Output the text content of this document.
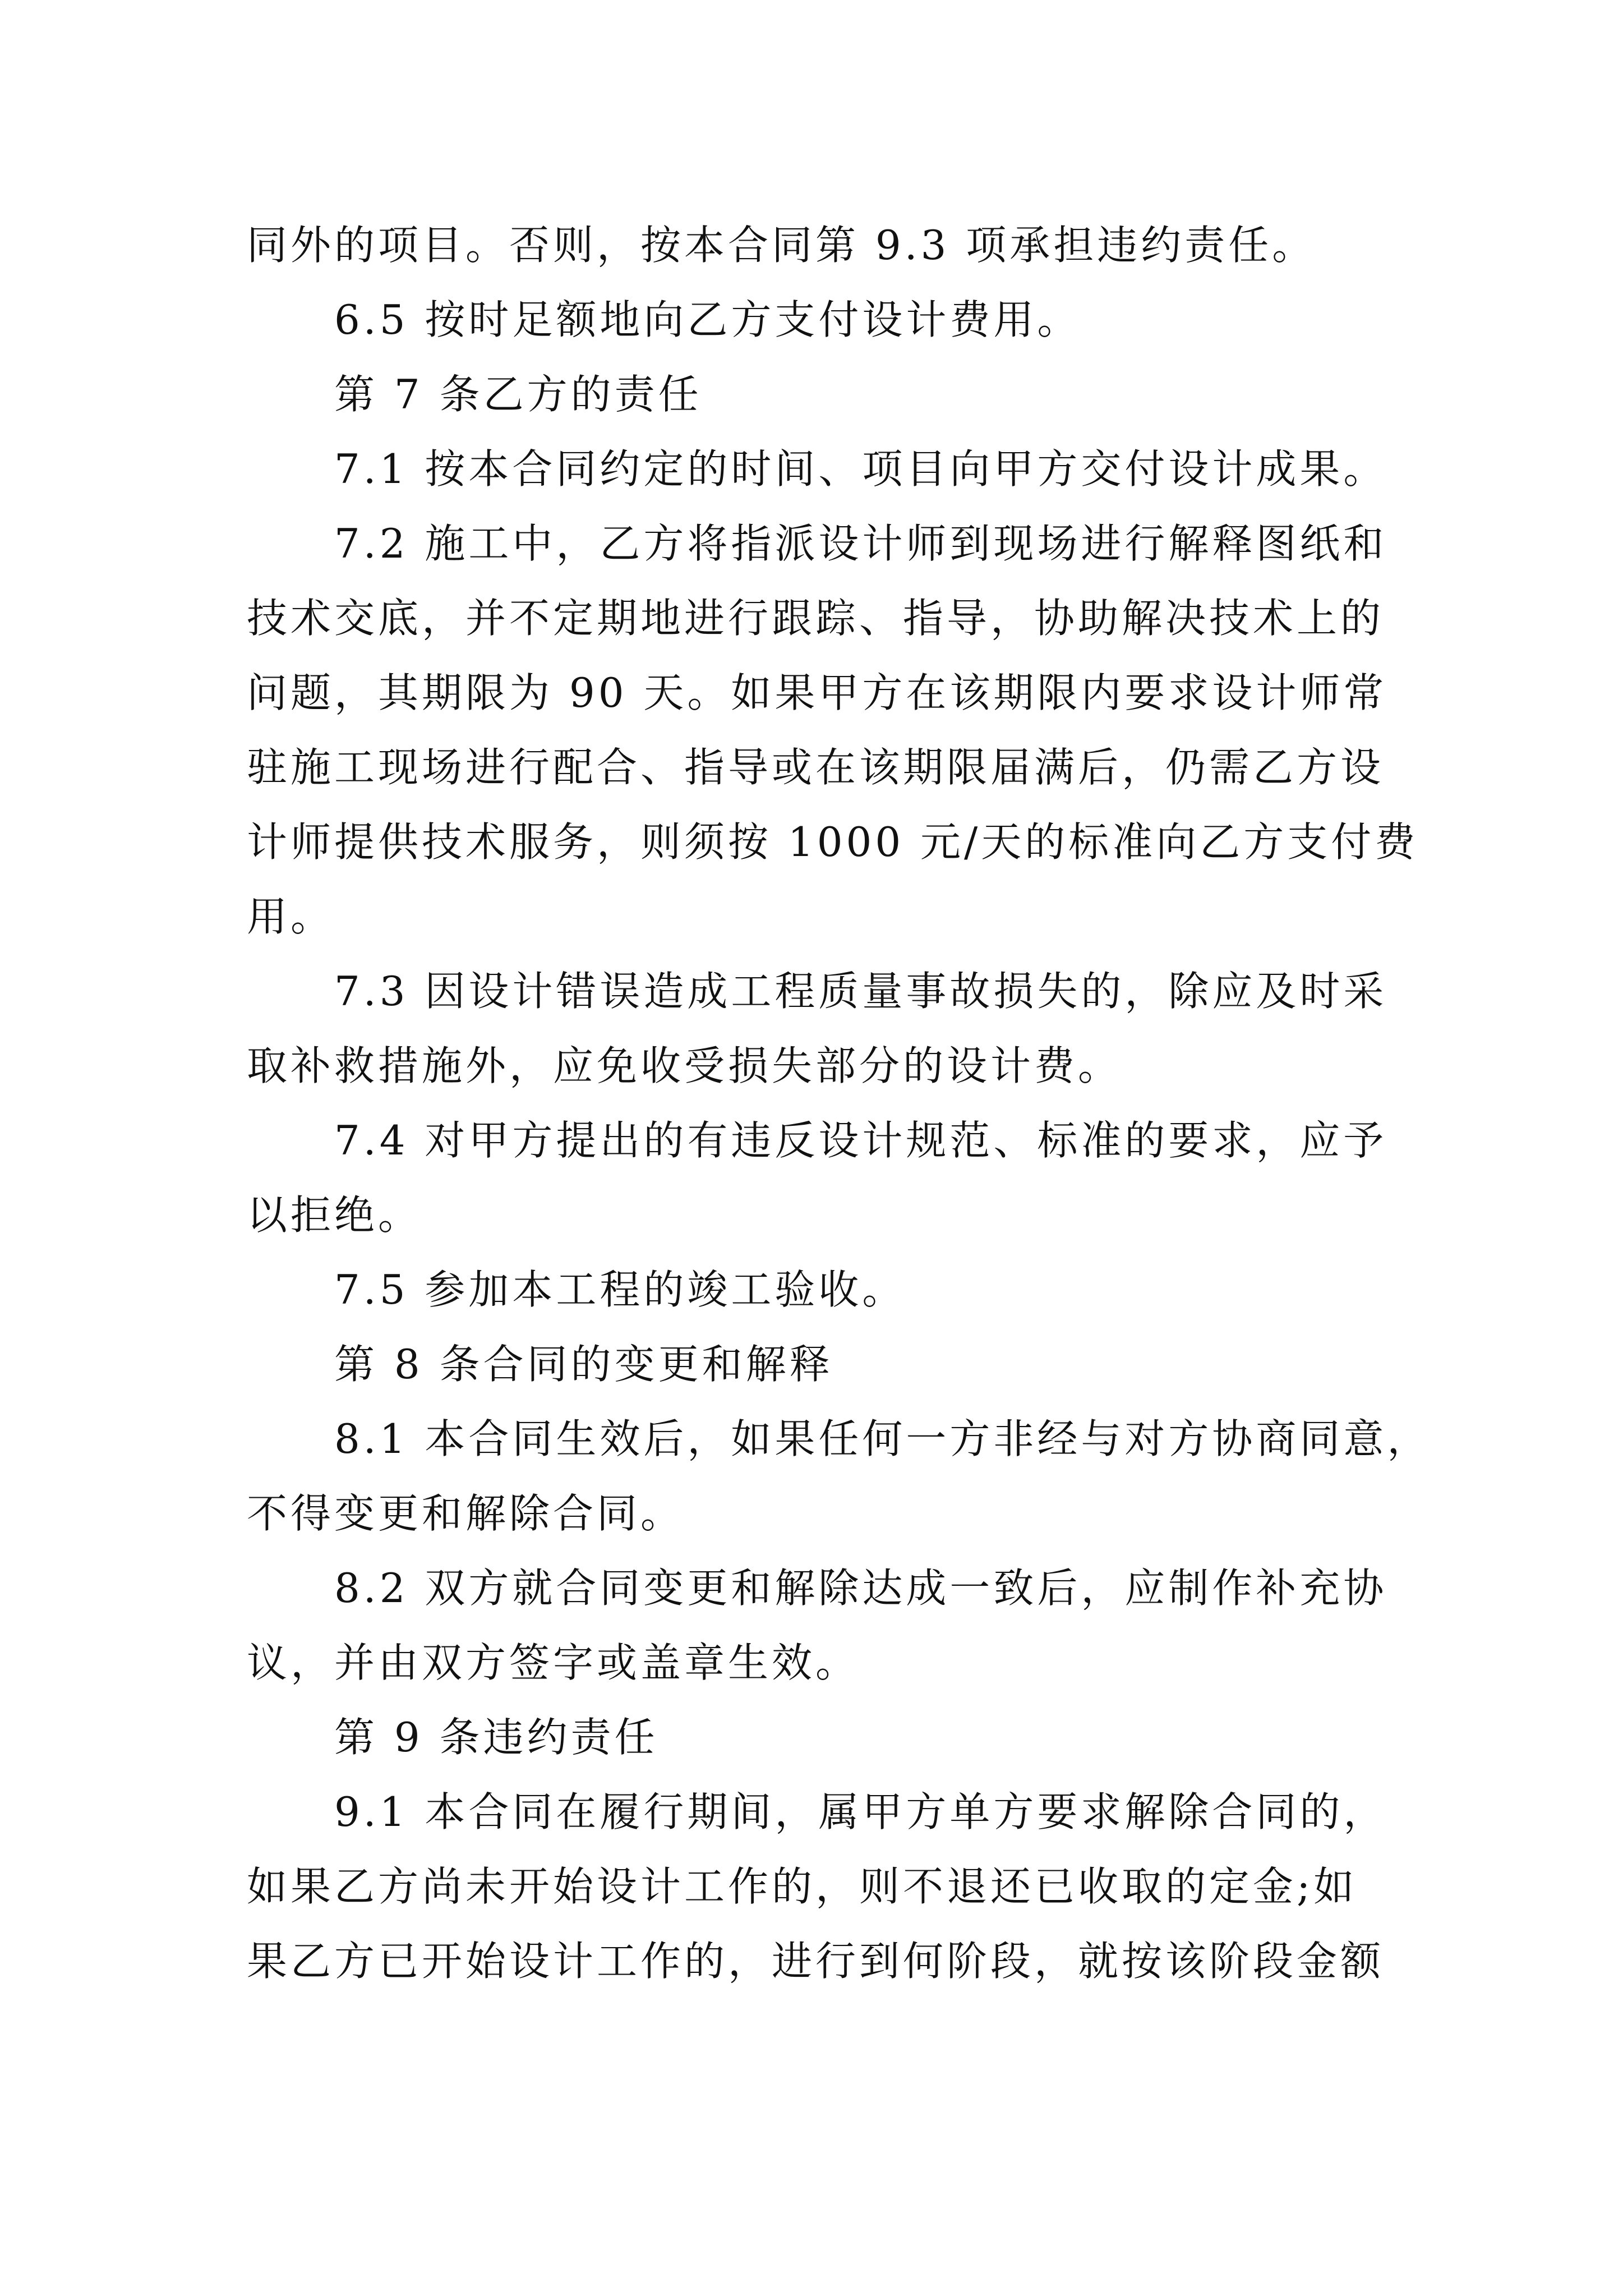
同外的项目。否则，按本合同第 9.3 项承担违约责任。

6.5 按时足额地向乙方支付设计费用。

第 7 条乙方的责任

7.1 按本合同约定的时间、项目向甲方交付设计成果。

7.2 施工中，乙方将指派设计师到现场进行解释图纸和

技术交底，并不定期地进行跟踪、指导，协助解决技术上的

问题，其期限为 90 天。如果甲方在该期限内要求设计师常

驻施工现场进行配合、指导或在该期限届满后，仍需乙方设

计师提供技术服务，则须按 1000 元/天的标准向乙方支付费

用。

7.3 因设计错误造成工程质量事故损失的，除应及时采

取补救措施外，应免收受损失部分的设计费。

7.4 对甲方提出的有违反设计规范、标准的要求，应予

以拒绝。

7.5 参加本工程的竣工验收。

第 8 条合同的变更和解释

8.1 本合同生效后，如果任何一方非经与对方协商同意，

不得变更和解除合同。

8.2 双方就合同变更和解除达成一致后，应制作补充协

议，并由双方签字或盖章生效。

第 9 条违约责任

9.1 本合同在履行期间，属甲方单方要求解除合同的，

如果乙方尚未开始设计工作的，则不退还已收取的定金;如

果乙方已开始设计工作的，进行到何阶段，就按该阶段金额
